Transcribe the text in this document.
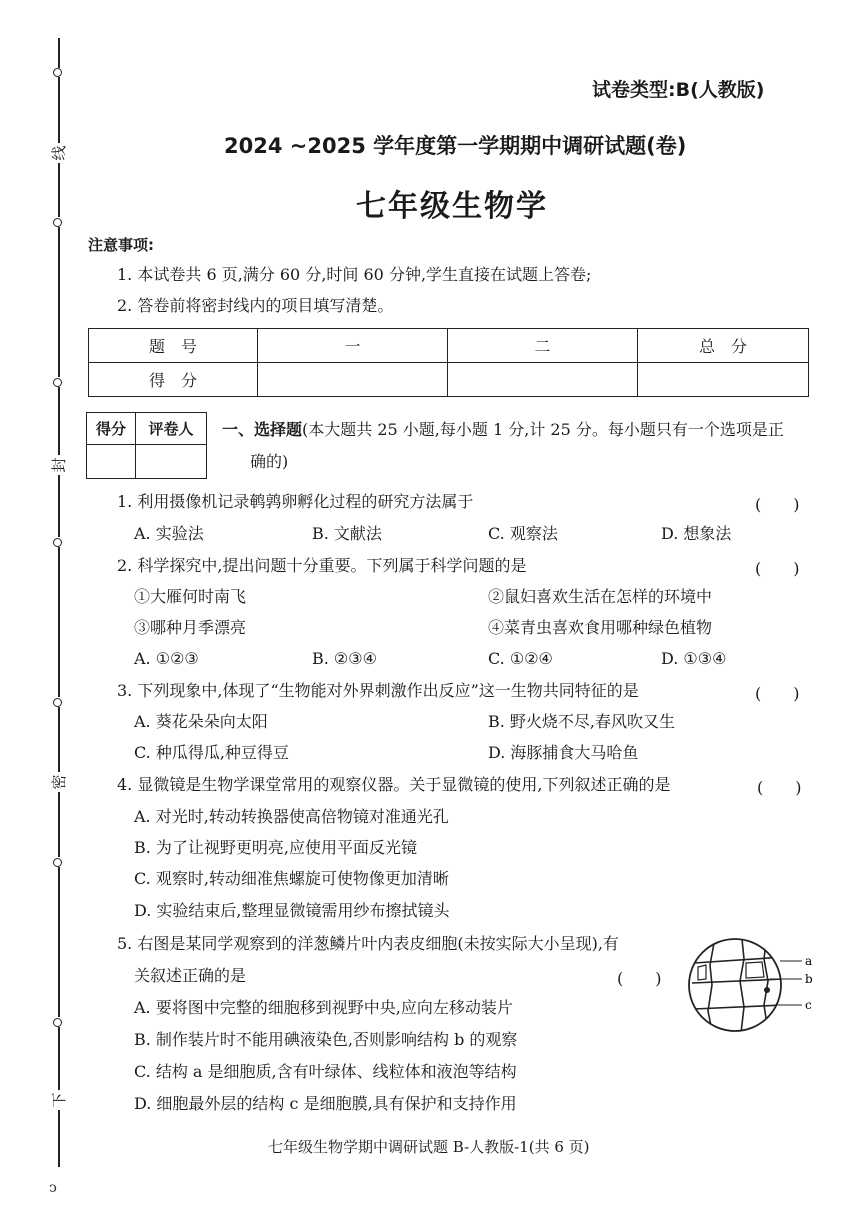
线
封
密
下
ↄ
试卷类型:B(人教版)
2024 ~2025 学年度第一学期期中调研试题(卷)
七年级生物学
注意事项:
1. 本试卷共 6 页,满分 60 分,时间 60 分钟,学生直接在试题上答卷;
2. 答卷前将密封线内的项目填写清楚。
题　号	一	二	总　分
得　分			
得分	评卷人
	一、选择题(本大题共 25 小题,每小题 1 分,计 25 分。每小题只有一个选项是正
确的)
1. 利用摄像机记录鹌鹑卵孵化过程的研究方法属于	(　　)
A. 实验法	B. 文献法	C. 观察法	D. 想象法
2. 科学探究中,提出问题十分重要。下列属于科学问题的是	(　　)
①大雁何时南飞	②鼠妇喜欢生活在怎样的环境中
③哪种月季漂亮	④菜青虫喜欢食用哪种绿色植物
A. ①②③	B. ②③④	C. ①②④	D. ①③④
3. 下列现象中,体现了“生物能对外界刺激作出反应”这一生物共同特征的是	(　　)
A. 葵花朵朵向太阳	B. 野火烧不尽,春风吹又生
C. 种瓜得瓜,种豆得豆	D. 海豚捕食大马哈鱼
4. 显微镜是生物学课堂常用的观察仪器。关于显微镜的使用,下列叙述正确的是	(　　)
A. 对光时,转动转换器使高倍物镜对准通光孔
B. 为了让视野更明亮,应使用平面反光镜
C. 观察时,转动细准焦螺旋可使物像更加清晰
D. 实验结束后,整理显微镜需用纱布擦拭镜头
5. 右图是某同学观察到的洋葱鳞片叶内表皮细胞(未按实际大小呈现),有
关叙述正确的是	(　　)
A. 要将图中完整的细胞移到视野中央,应向左移动装片
B. 制作装片时不能用碘液染色,否则影响结构 b 的观察
C. 结构 a 是细胞质,含有叶绿体、线粒体和液泡等结构
D. 细胞最外层的结构 c 是细胞膜,具有保护和支持作用
a
b
c
七年级生物学期中调研试题 B-人教版-1(共 6 页)
